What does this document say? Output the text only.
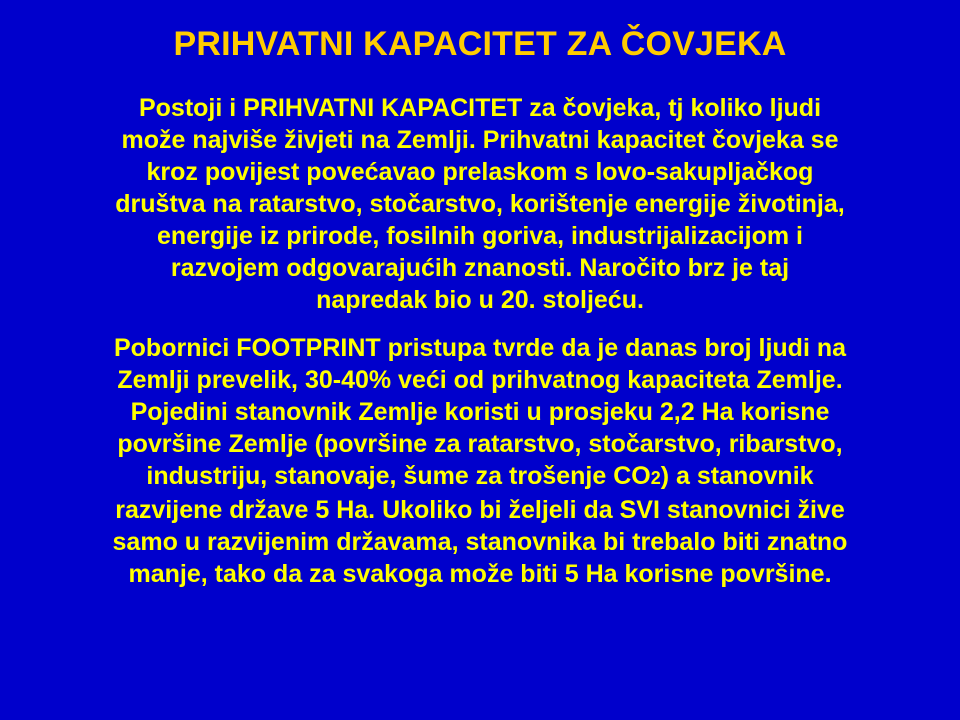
PRIHVATNI KAPACITET ZA ČOVJEKA

Postoji i PRIHVATNI KAPACITET za čovjeka, tj koliko ljudi
može najviše živjeti na Zemlji. Prihvatni kapacitet čovjeka se
kroz povijest povećavao prelaskom s lovo-sakupljačkog
društva na ratarstvo, stočarstvo, korištenje energije životinja,
energije iz prirode, fosilnih goriva, industrijalizacijom i
razvojem odgovarajućih znanosti. Naročito brz je taj
napredak bio u 20. stoljeću.

Pobornici FOOTPRINT pristupa tvrde da je danas broj ljudi na
Zemlji prevelik, 30-40% veći od prihvatnog kapaciteta Zemlje.
Pojedini stanovnik Zemlje koristi u prosjeku 2,2 Ha korisne
površine Zemlje (površine za ratarstvo, stočarstvo, ribarstvo,
industriju, stanovaje, šume za trošenje CO2) a stanovnik
razvijene države 5 Ha. Ukoliko bi željeli da SVI stanovnici žive
samo u razvijenim državama, stanovnika bi trebalo biti znatno
manje, tako da za svakoga može biti 5 Ha korisne površine.
